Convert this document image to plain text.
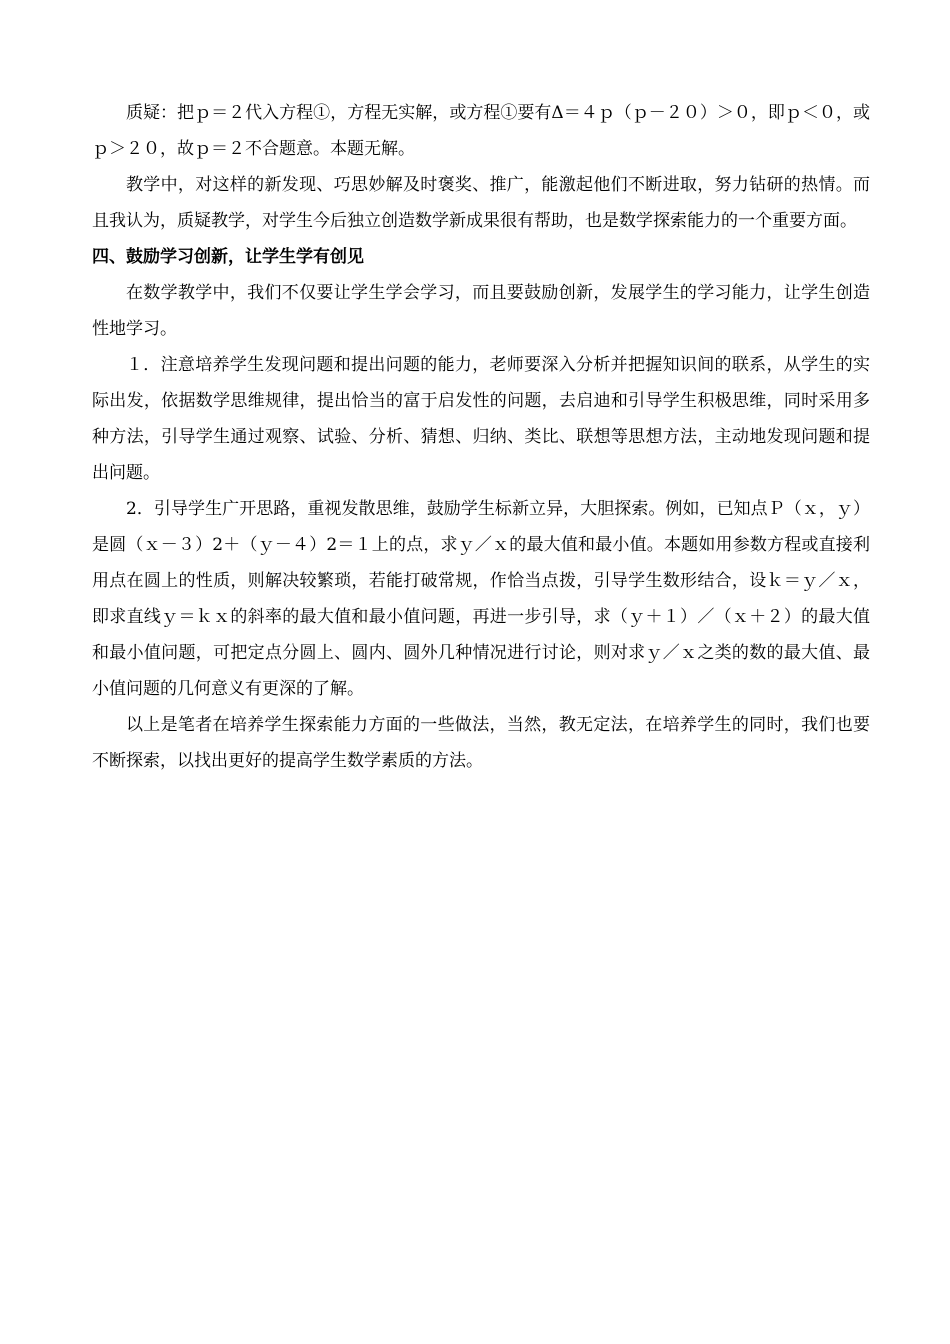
质疑：把ｐ＝２代入方程①，方程无实解，或方程①要有Δ＝４ｐ（ｐ－２０）＞０，即ｐ＜０，或ｐ＞２０，故ｐ＝２不合题意。本题无解。

教学中，对这样的新发现、巧思妙解及时褒奖、推广，能激起他们不断进取，努力钻研的热情。而且我认为，质疑教学，对学生今后独立创造数学新成果很有帮助，也是数学探索能力的一个重要方面。

四、鼓励学习创新，让学生学有创见

在数学教学中，我们不仅要让学生学会学习，而且要鼓励创新，发展学生的学习能力，让学生创造性地学习。

１．注意培养学生发现问题和提出问题的能力，老师要深入分析并把握知识间的联系，从学生的实际出发，依据数学思维规律，提出恰当的富于启发性的问题，去启迪和引导学生积极思维，同时采用多种方法，引导学生通过观察、试验、分析、猜想、归纳、类比、联想等思想方法，主动地发现问题和提出问题。

2．引导学生广开思路，重视发散思维，鼓励学生标新立异，大胆探索。例如，已知点Ｐ（ｘ，ｙ）是圆（ｘ－３）2＋（ｙ－４）2＝１上的点，求ｙ／ｘ的最大值和最小值。本题如用参数方程或直接利用点在圆上的性质，则解决较繁琐，若能打破常规，作恰当点拨，引导学生数形结合，设ｋ＝ｙ／ｘ，即求直线ｙ＝ｋｘ的斜率的最大值和最小值问题，再进一步引导，求（ｙ＋１）／（ｘ＋２）的最大值和最小值问题，可把定点分圆上、圆内、圆外几种情况进行讨论，则对求ｙ／ｘ之类的数的最大值、最小值问题的几何意义有更深的了解。

以上是笔者在培养学生探索能力方面的一些做法，当然，教无定法，在培养学生的同时，我们也要不断探索，以找出更好的提高学生数学素质的方法。
